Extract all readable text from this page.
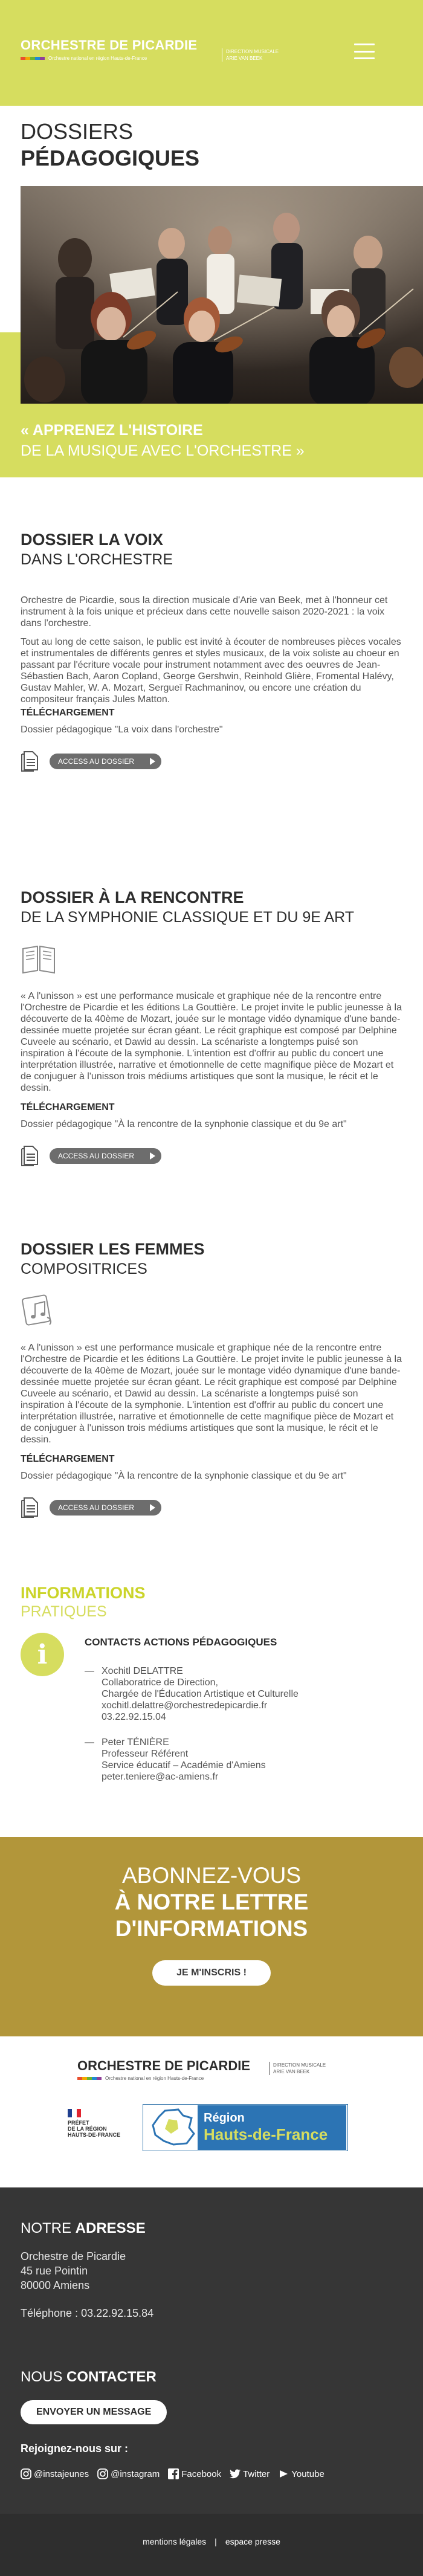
ORCHESTRE DE PICARDIE
Orchestre national en région Hauts-de-France
DIRECTION MUSICALE
ARIE VAN BEEK
DOSSIERS
PÉDAGOGIQUES
« APPRENEZ L'HISTOIRE
DE LA MUSIQUE AVEC L'ORCHESTRE »
DOSSIER LA VOIX
DANS L'ORCHESTRE

Orchestre de Picardie, sous la direction musicale d'Arie van Beek, met à l'honneur cet instrument à la fois unique et précieux dans cette nouvelle saison 2020-2021 : la voix dans l'orchestre.

Tout au long de cette saison, le public est invité à écouter de nombreuses pièces vocales et instrumentales de différents genres et styles musicaux, de la voix soliste au choeur en passant par l'écriture vocale pour instrument notamment avec des oeuvres de Jean-Sébastien Bach, Aaron Copland, George Gershwin, Reinhold Glière, Fromental Halévy, Gustav Mahler, W. A. Mozart, Sergueï Rachmaninov, ou encore une création du compositeur français Jules Matton.

TÉLÉCHARGEMENT
Dossier pédagogique "La voix dans l'orchestre"
ACCESS AU DOSSIER
DOSSIER À LA RENCONTRE
DE LA SYMPHONIE CLASSIQUE ET DU 9E ART

« A l'unisson » est une performance musicale et graphique née de la rencontre entre l'Orchestre de Picardie et les éditions La Gouttière. Le projet invite le public jeunesse à la découverte de la 40ème de Mozart, jouée sur le montage vidéo dynamique d'une bande-dessinée muette projetée sur écran géant. Le récit graphique est composé par Delphine Cuveele au scénario, et Dawid au dessin. La scénariste a longtemps puisé son inspiration à l'écoute de la symphonie. L'intention est d'offrir au public du concert une interprétation illustrée, narrative et émotionnelle de cette magnifique pièce de Mozart et de conjuguer à l'unisson trois médiums artistiques que sont la musique, le récit et le dessin.

TÉLÉCHARGEMENT
Dossier pédagogique "À la rencontre de la synphonie classique et du 9e art"
ACCESS AU DOSSIER
DOSSIER LES FEMMES
COMPOSITRICES

« A l'unisson » est une performance musicale et graphique née de la rencontre entre l'Orchestre de Picardie et les éditions La Gouttière. Le projet invite le public jeunesse à la découverte de la 40ème de Mozart, jouée sur le montage vidéo dynamique d'une bande-dessinée muette projetée sur écran géant. Le récit graphique est composé par Delphine Cuveele au scénario, et Dawid au dessin. La scénariste a longtemps puisé son inspiration à l'écoute de la symphonie. L'intention est d'offrir au public du concert une interprétation illustrée, narrative et émotionnelle de cette magnifique pièce de Mozart et de conjuguer à l'unisson trois médiums artistiques que sont la musique, le récit et le dessin.

TÉLÉCHARGEMENT
Dossier pédagogique "À la rencontre de la synphonie classique et du 9e art"
ACCESS AU DOSSIER
INFORMATIONS
PRATIQUES
i	CONTACTS ACTIONS PÉDAGOGIQUES
— Xochitl DELATTRE
Collaboratrice de Direction,
Chargée de l'Éducation Artistique et Culturelle
xochitl.delattre@orchestredepicardie.fr
03.22.92.15.04
— Peter TÉNIÈRE
Professeur Référent
Service éducatif – Académie d'Amiens
peter.teniere@ac-amiens.fr
ABONNEZ-VOUS
À NOTRE LETTRE
D'INFORMATIONS
JE M'INSCRIS !
ORCHESTRE DE PICARDIE
Orchestre national en région Hauts-de-France
DIRECTION MUSICALE
ARIE VAN BEEK
PRÉFET
DE LA RÉGION
HAUTS-DE-FRANCE
Région
Hauts-de-France
NOTRE ADRESSE
Orchestre de Picardie
45 rue Pointin
80000 Amiens
Téléphone : 03.22.92.15.84
NOUS CONTACTER
ENVOYER UN MESSAGE
Rejoignez-nous sur :
@instajeunes @instagram Facebook Twitter Youtube
mentions légales | espace presse
